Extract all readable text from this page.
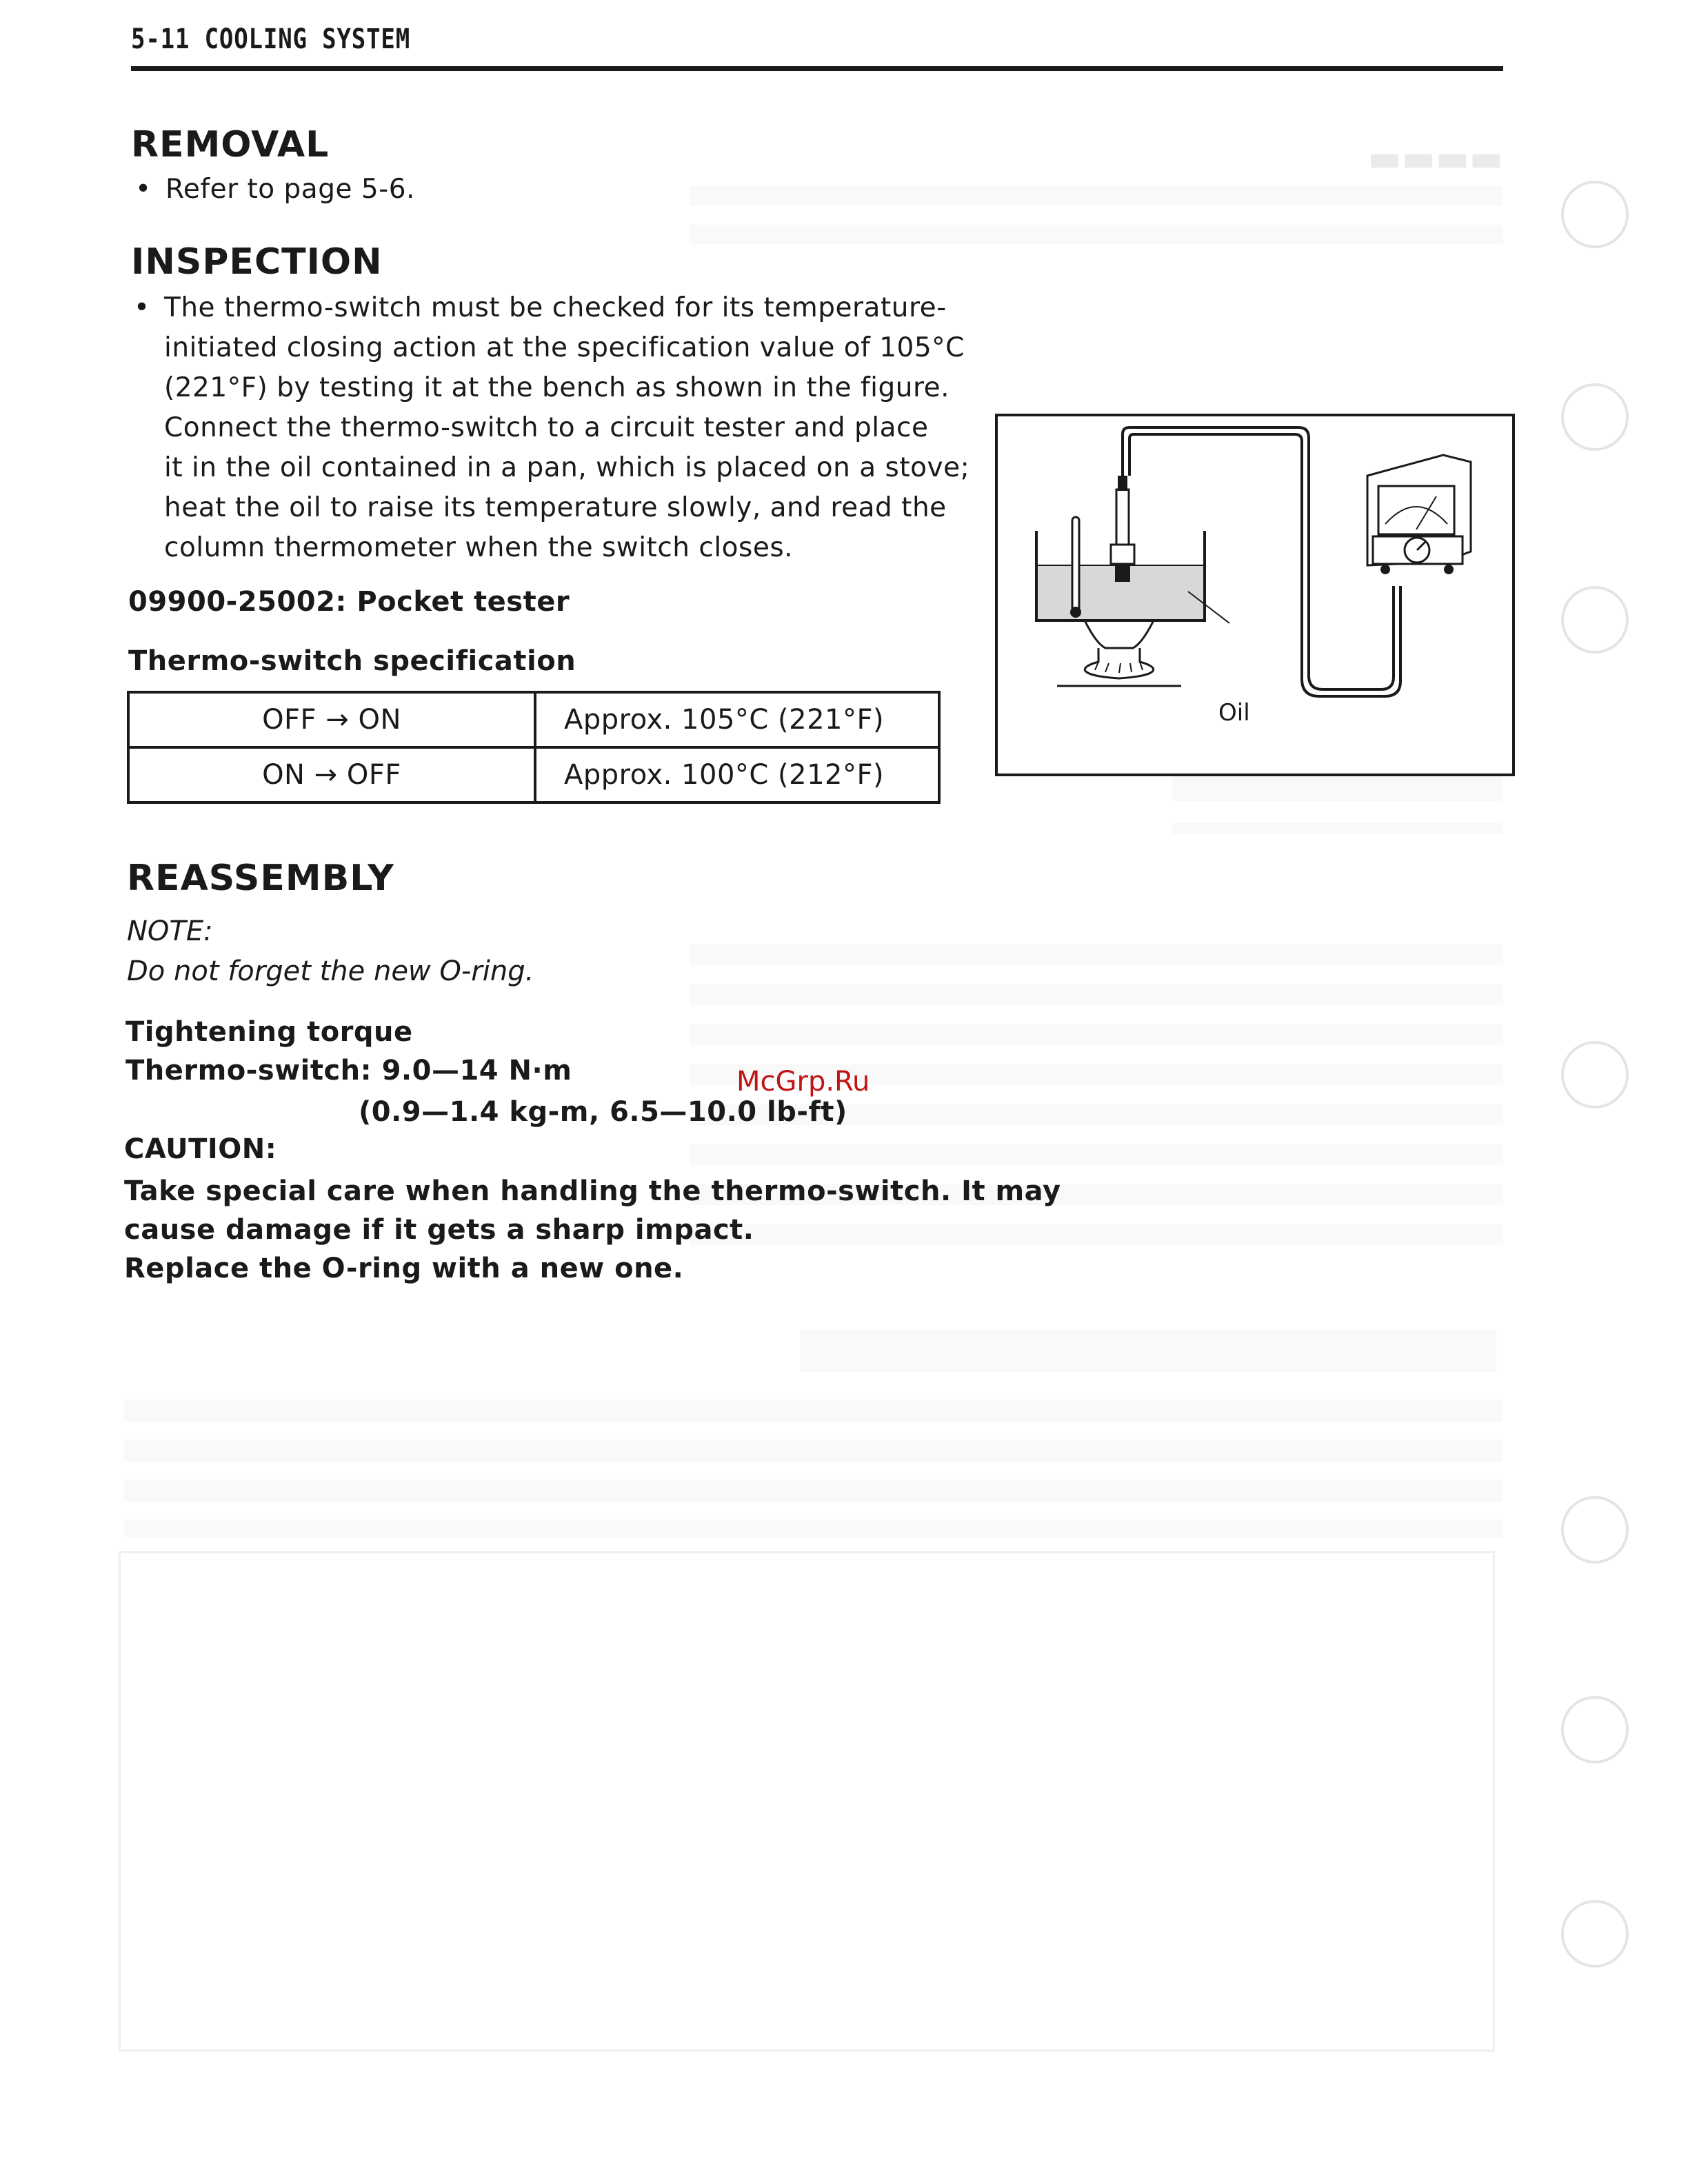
▬▬▬▬
5-11 COOLING SYSTEM
REMOVAL
• Refer to page 5-6.
INSPECTION
• The thermo-switch must be checked for its temperature-
initiated closing action at the specification value of 105°C
(221°F) by testing it at the bench as shown in the figure.
Connect the thermo-switch to a circuit tester and place
it in the oil contained in a pan, which is placed on a stove;
heat the oil to raise its temperature slowly, and read the
column thermometer when the switch closes.
09900-25002: Pocket tester
Thermo-switch specification
OFF → ON	Approx. 105°C (221°F)
ON → OFF	Approx. 100°C (212°F)
Oil
REASSEMBLY
NOTE:
Do not forget the new O-ring.
Tightening torque
Thermo-switch: 9.0—14 N·m
(0.9—1.4 kg-m, 6.5—10.0 lb-ft)
CAUTION:
Take special care when handling the thermo-switch. It may
cause damage if it gets a sharp impact.
Replace the O-ring with a new one.
McGrp.Ru
